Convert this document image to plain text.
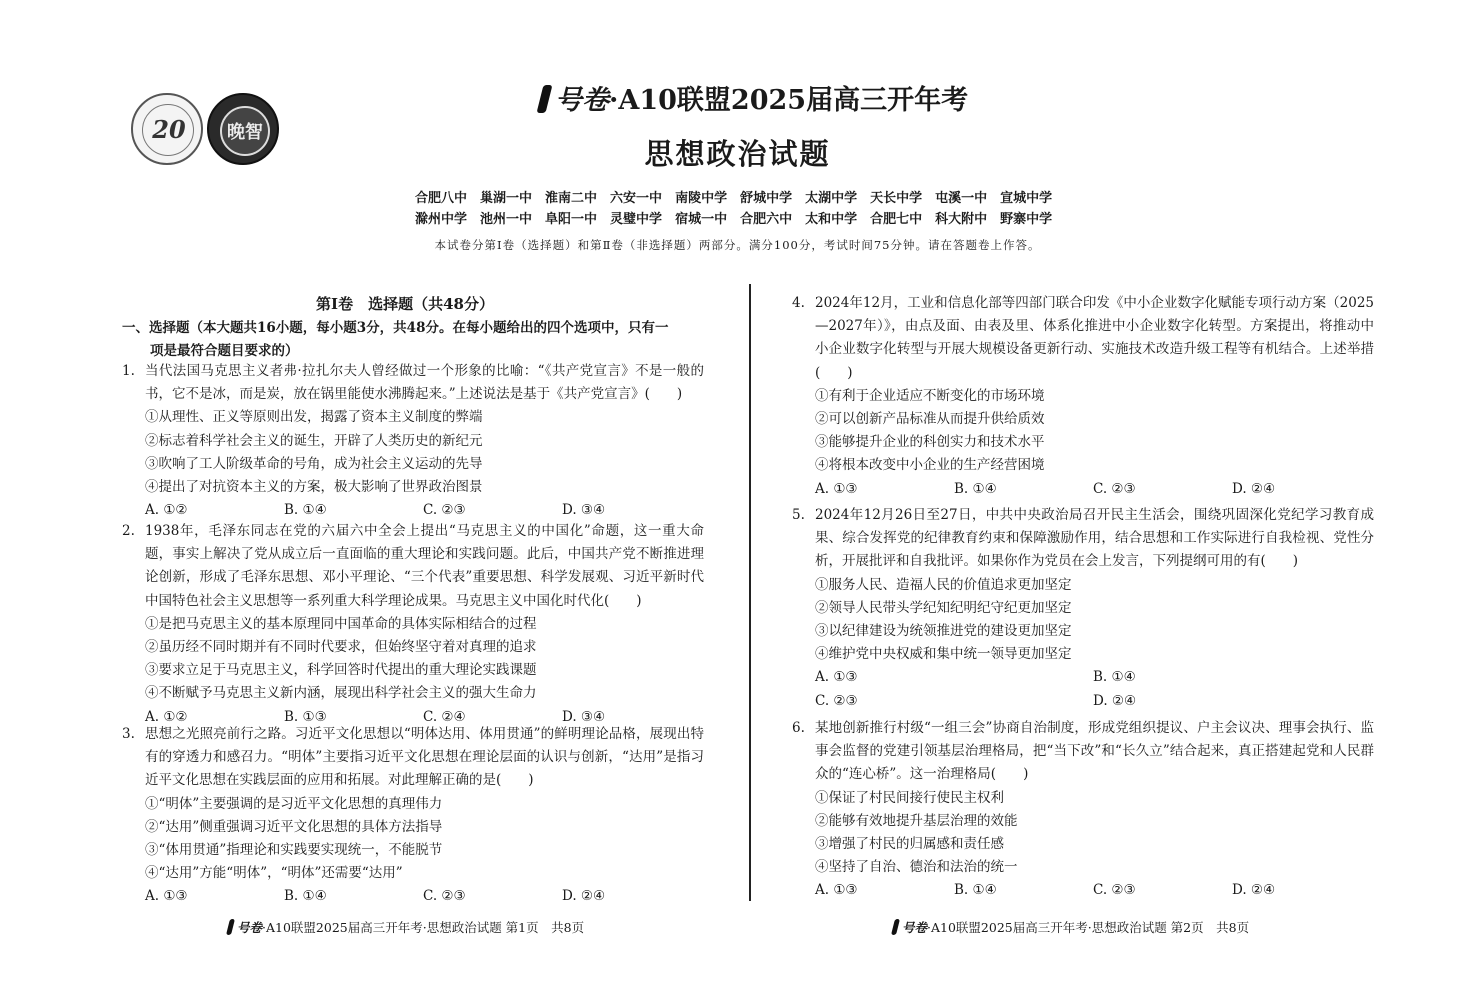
20	晚智
号卷·A10联盟2025届高三开年考
思想政治试题
合肥八中 巢湖一中 淮南二中 六安一中 南陵中学 舒城中学 太湖中学 天长中学 屯溪一中 宣城中学
滁州中学 池州一中 阜阳一中 灵璧中学 宿城一中 合肥六中 太和中学 合肥七中 科大附中 野寨中学
本试卷分第Ⅰ卷（选择题）和第Ⅱ卷（非选择题）两部分。满分100分，考试时间75分钟。请在答题卷上作答。
第Ⅰ卷　选择题（共48分）
一、选择题（本大题共16小题，每小题3分，共48分。在每小题给出的四个选项中，只有一
项是最符合题目要求的）
1. 当代法国马克思主义者弗·拉扎尔夫人曾经做过一个形象的比喻：“《共产党宣言》不是一般的书，它不是冰，而是炭，放在锅里能使水沸腾起来。”上述说法是基于《共产党宣言》(　　)
①从理性、正义等原则出发，揭露了资本主义制度的弊端
②标志着科学社会主义的诞生，开辟了人类历史的新纪元
③吹响了工人阶级革命的号角，成为社会主义运动的先导
④提出了对抗资本主义的方案，极大影响了世界政治图景
A. ①②	B. ①④	C. ②③	D. ③④
2. 1938年，毛泽东同志在党的六届六中全会上提出“马克思主义的中国化”命题，这一重大命题，事实上解决了党从成立后一直面临的重大理论和实践问题。此后，中国共产党不断推进理论创新，形成了毛泽东思想、邓小平理论、“三个代表”重要思想、科学发展观、习近平新时代中国特色社会主义思想等一系列重大科学理论成果。马克思主义中国化时代化(　　)
①是把马克思主义的基本原理同中国革命的具体实际相结合的过程
②虽历经不同时期并有不同时代要求，但始终坚守着对真理的追求
③要求立足于马克思主义，科学回答时代提出的重大理论实践课题
④不断赋予马克思主义新内涵，展现出科学社会主义的强大生命力
A. ①②	B. ①③	C. ②④	D. ③④
3. 思想之光照亮前行之路。习近平文化思想以“明体达用、体用贯通”的鲜明理论品格，展现出特有的穿透力和感召力。“明体”主要指习近平文化思想在理论层面的认识与创新，“达用”是指习近平文化思想在实践层面的应用和拓展。对此理解正确的是(　　)
①“明体”主要强调的是习近平文化思想的真理伟力
②“达用”侧重强调习近平文化思想的具体方法指导
③“体用贯通”指理论和实践要实现统一，不能脱节
④“达用”方能“明体”，“明体”还需要“达用”
A. ①③	B. ①④	C. ②③	D. ②④
4. 2024年12月，工业和信息化部等四部门联合印发《中小企业数字化赋能专项行动方案（2025—2027年）》，由点及面、由表及里、体系化推进中小企业数字化转型。方案提出，将推动中小企业数字化转型与开展大规模设备更新行动、实施技术改造升级工程等有机结合。上述举措(　　)
①有利于企业适应不断变化的市场环境
②可以创新产品标准从而提升供给质效
③能够提升企业的科创实力和技术水平
④将根本改变中小企业的生产经营困境
A. ①③	B. ①④	C. ②③	D. ②④
5. 2024年12月26日至27日，中共中央政治局召开民主生活会，围绕巩固深化党纪学习教育成果、综合发挥党的纪律教育约束和保障激励作用，结合思想和工作实际进行自我检视、党性分析，开展批评和自我批评。如果你作为党员在会上发言，下列提纲可用的有(　　)
①服务人民、造福人民的价值追求更加坚定
②领导人民带头学纪知纪明纪守纪更加坚定
③以纪律建设为统领推进党的建设更加坚定
④维护党中央权威和集中统一领导更加坚定
A. ①③	B. ①④
C. ②③	D. ②④
6. 某地创新推行村级“一组三会”协商自治制度，形成党组织提议、户主会议决、理事会执行、监事会监督的党建引领基层治理格局，把“当下改”和“长久立”结合起来，真正搭建起党和人民群众的“连心桥”。这一治理格局(　　)
①保证了村民间接行使民主权利
②能够有效地提升基层治理的效能
③增强了村民的归属感和责任感
④坚持了自治、德治和法治的统一
A. ①③	B. ①④	C. ②③	D. ②④
号卷·A10联盟2025届高三开年考·思想政治试题 第1页　共8页	号卷·A10联盟2025届高三开年考·思想政治试题 第2页　共8页
